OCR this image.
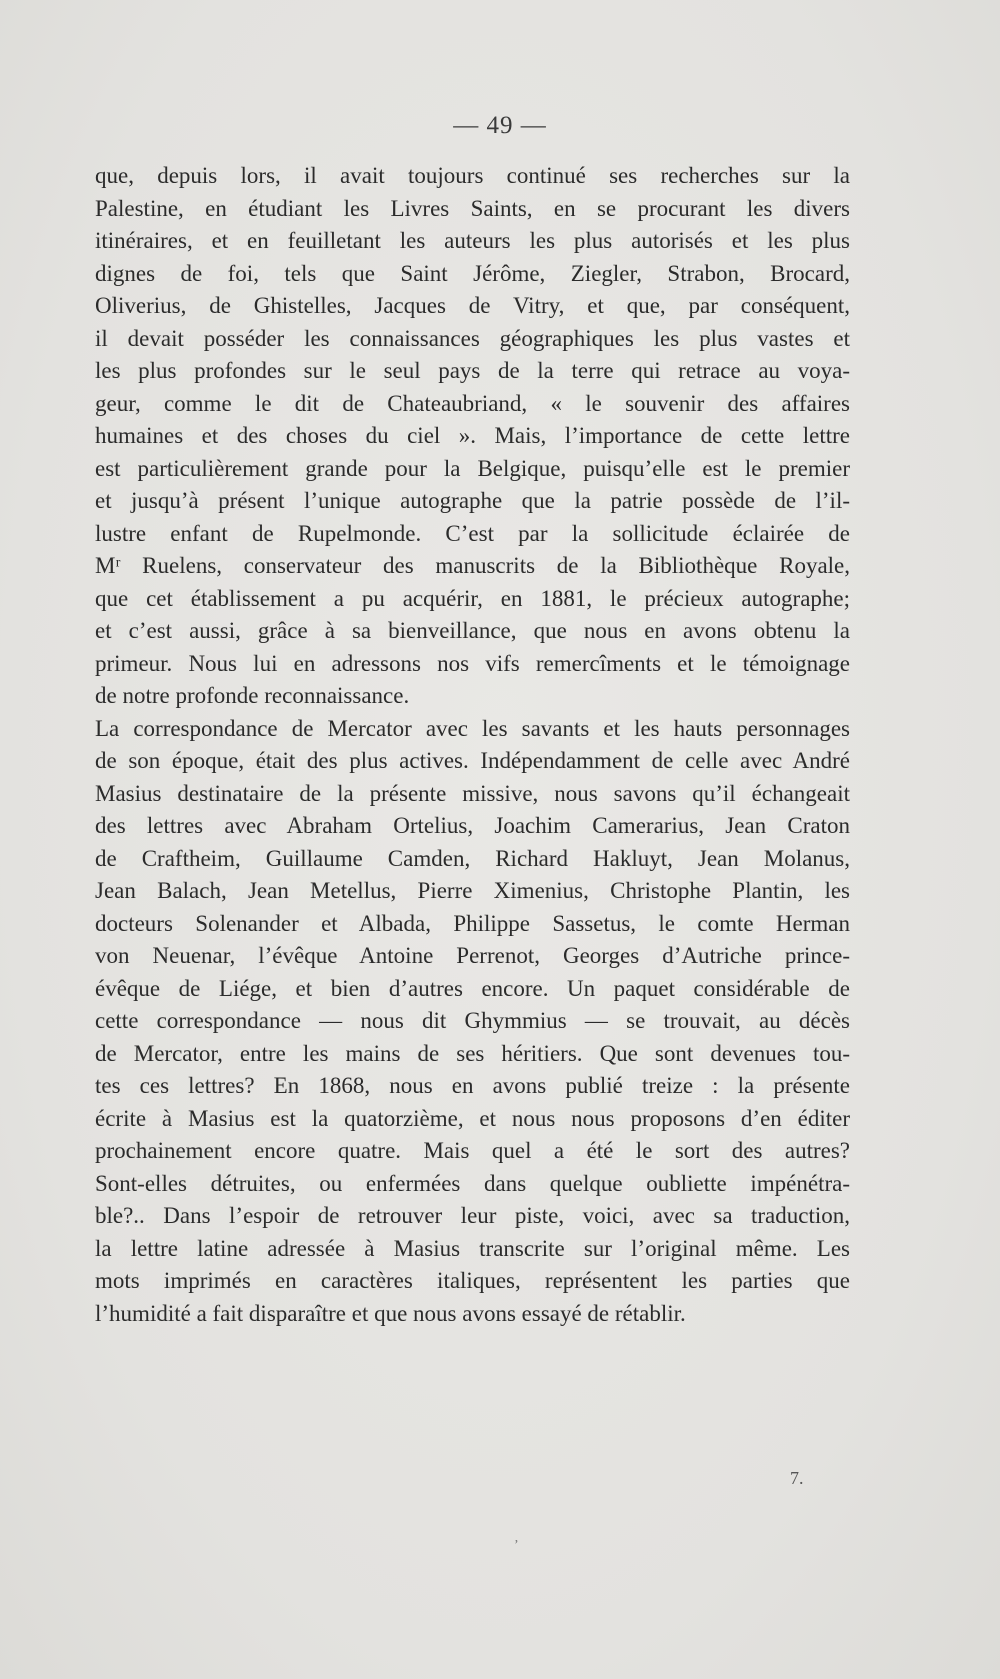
— 49 —
que, depuis lors, il avait toujours continué ses recherches sur la
Palestine, en étudiant les Livres Saints, en se procurant les divers
itinéraires, et en feuilletant les auteurs les plus autorisés et les plus
dignes de foi, tels que Saint Jérôme, Ziegler, Strabon, Brocard,
Oliverius, de Ghistelles, Jacques de Vitry, et que, par conséquent,
il devait posséder les connaissances géographiques les plus vastes et
les plus profondes sur le seul pays de la terre qui retrace au voya-
geur, comme le dit de Chateaubriand, « le souvenir des affaires
humaines et des choses du ciel ». Mais, l’importance de cette lettre
est particulièrement grande pour la Belgique, puisqu’elle est le premier
et jusqu’à présent l’unique autographe que la patrie possède de l’il-
lustre enfant de Rupelmonde. C’est par la sollicitude éclairée de
Mʳ Ruelens, conservateur des manuscrits de la Bibliothèque Royale,
que cet établissement a pu acquérir, en 1881, le précieux autographe;
et c’est aussi, grâce à sa bienveillance, que nous en avons obtenu la
primeur. Nous lui en adressons nos vifs remercîments et le témoignage
de notre profonde reconnaissance.
La correspondance de Mercator avec les savants et les hauts personnages
de son époque, était des plus actives. Indépendamment de celle avec André
Masius destinataire de la présente missive, nous savons qu’il échangeait
des lettres avec Abraham Ortelius, Joachim Camerarius, Jean Craton
de Craftheim, Guillaume Camden, Richard Hakluyt, Jean Molanus,
Jean Balach, Jean Metellus, Pierre Ximenius, Christophe Plantin, les
docteurs Solenander et Albada, Philippe Sassetus, le comte Herman
von Neuenar, l’évêque Antoine Perrenot, Georges d’Autriche prince-
évêque de Liége, et bien d’autres encore. Un paquet considérable de
cette correspondance — nous dit Ghymmius — se trouvait, au décès
de Mercator, entre les mains de ses héritiers. Que sont devenues tou-
tes ces lettres? En 1868, nous en avons publié treize : la présente
écrite à Masius est la quatorzième, et nous nous proposons d’en éditer
prochainement encore quatre. Mais quel a été le sort des autres?
Sont-elles détruites, ou enfermées dans quelque oubliette impénétra-
ble?.. Dans l’espoir de retrouver leur piste, voici, avec sa traduction,
la lettre latine adressée à Masius transcrite sur l’original même. Les
mots imprimés en caractères italiques, représentent les parties que
l’humidité a fait disparaître et que nous avons essayé de rétablir.
7.
ʼ
